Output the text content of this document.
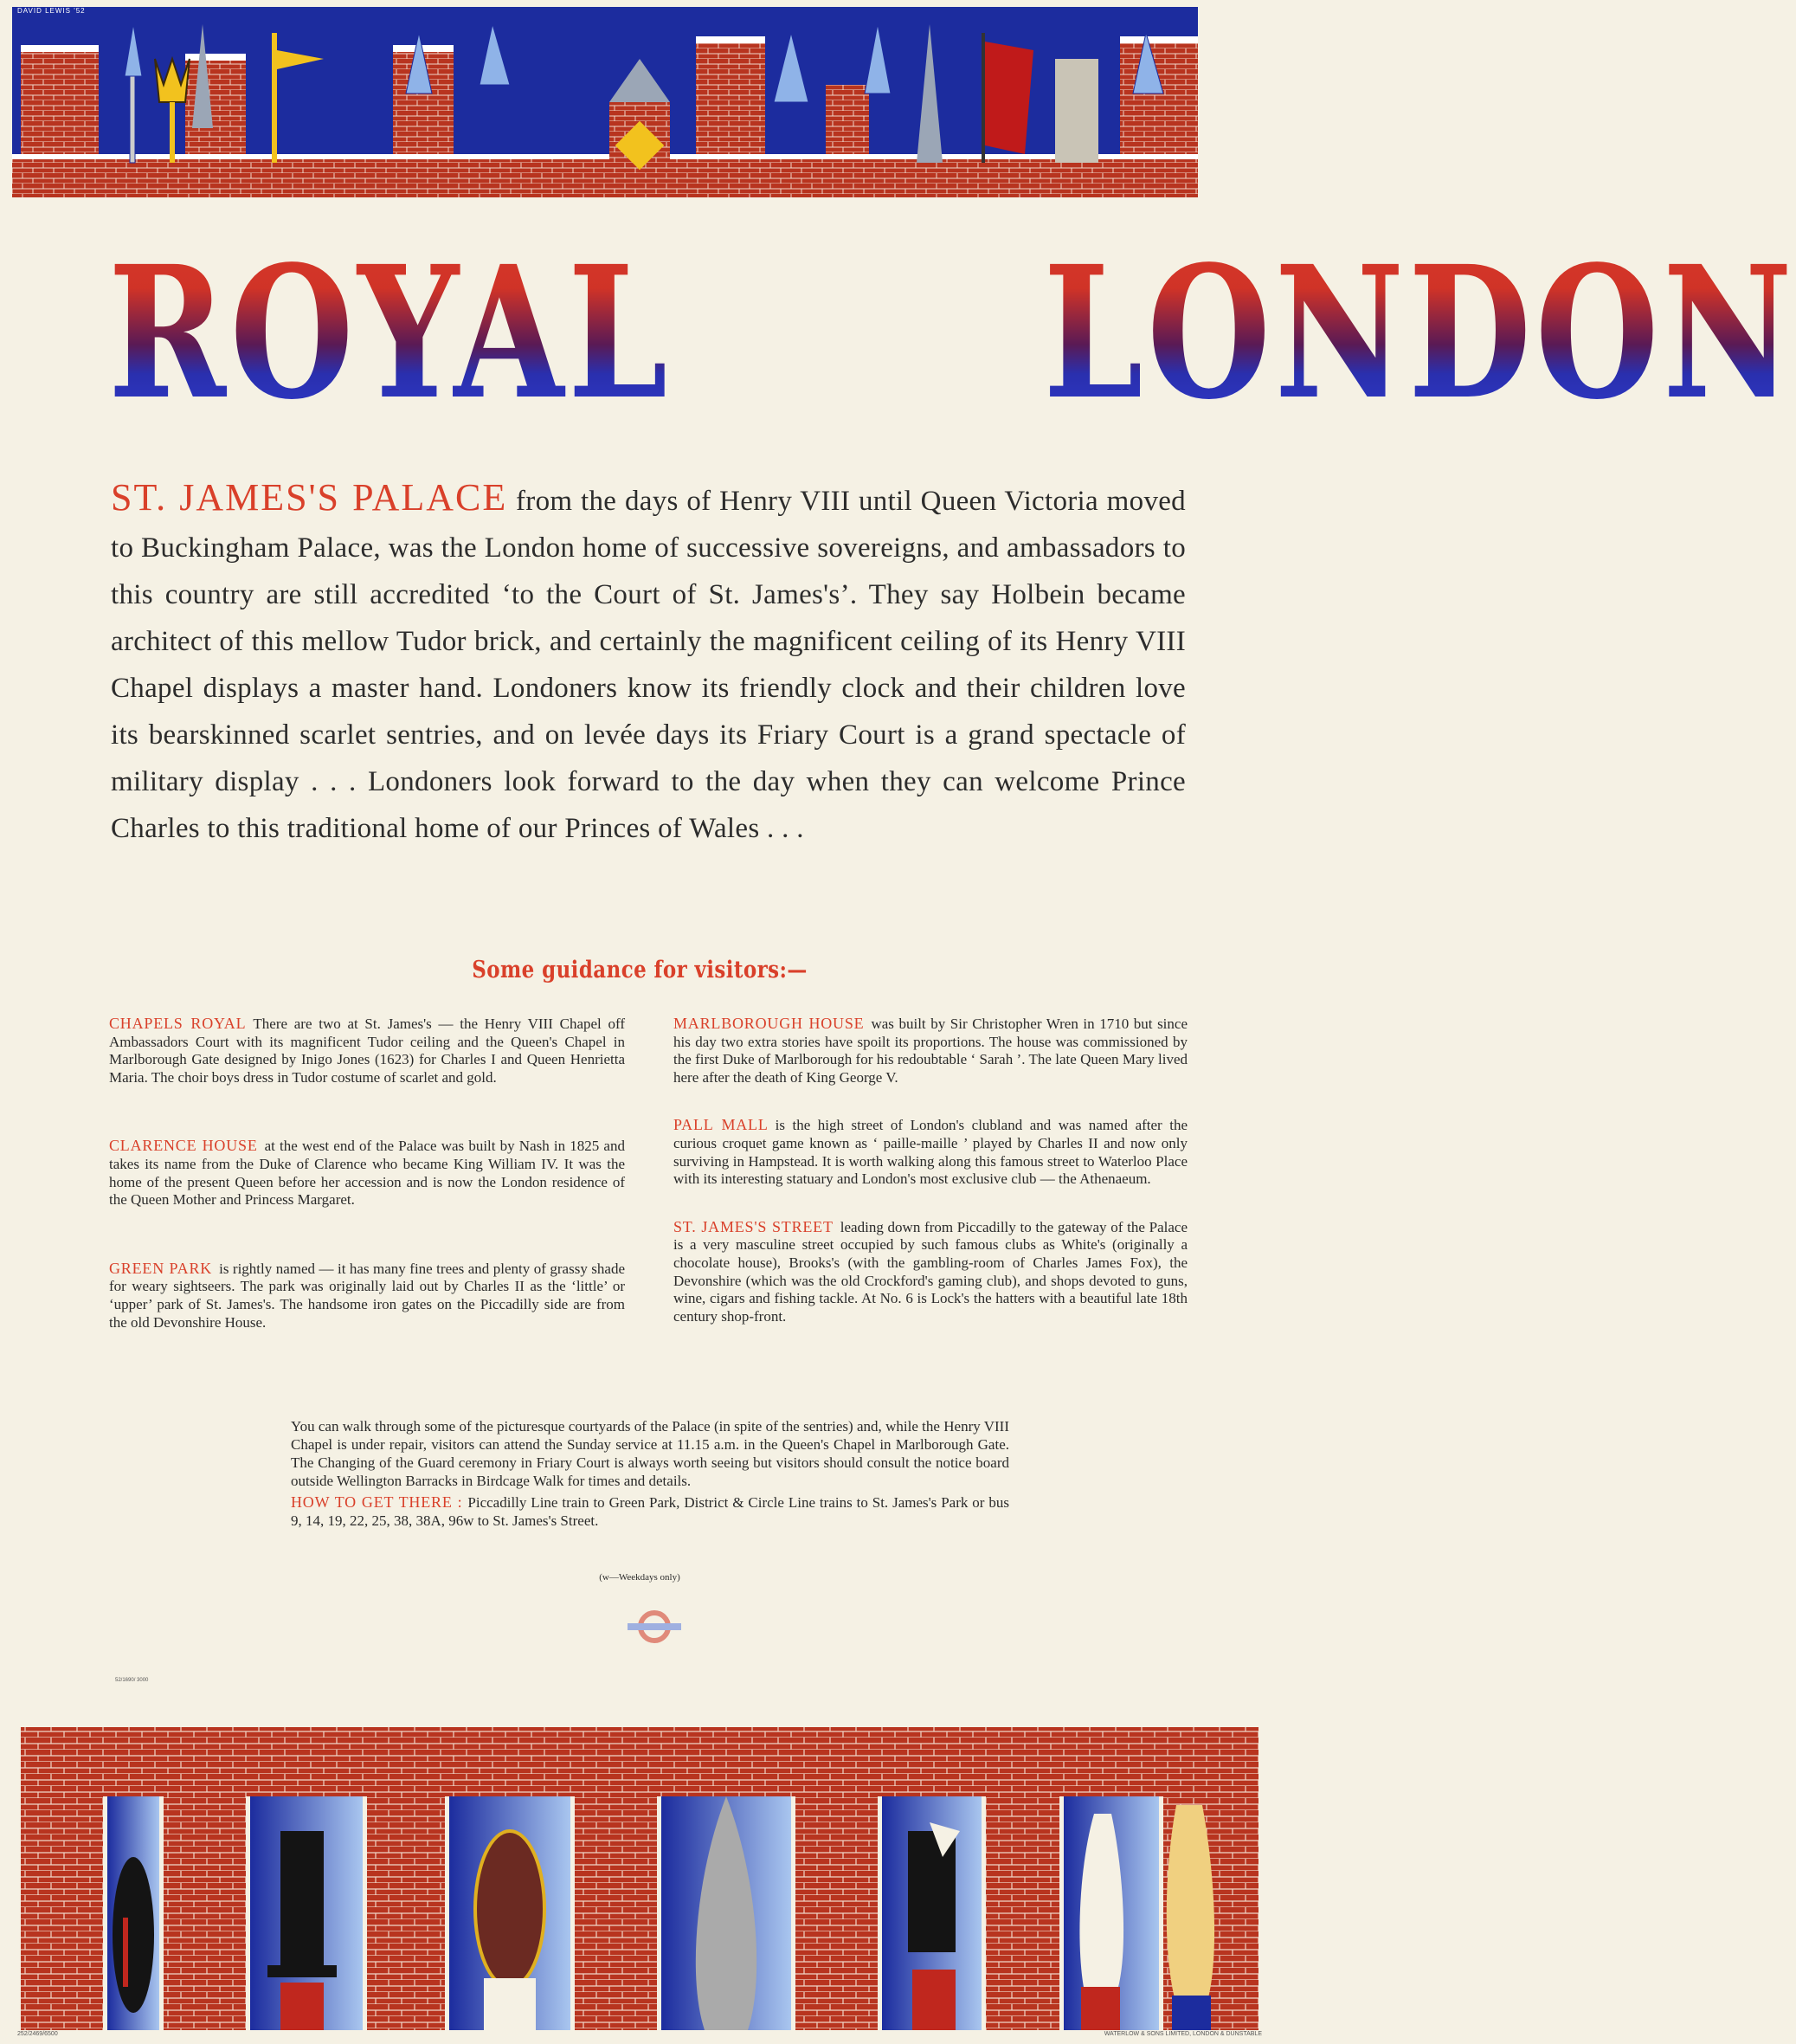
DAVID LEWIS '52
ROYAL LONDON
ST. JAMES'S PALACE from the days of Henry VIII until Queen Victoria moved to Buckingham Palace, was the London home of successive sovereigns, and ambassadors to this country are still accredited ‘to the Court of St. James's’. They say Holbein became architect of this mellow Tudor brick, and certainly the magnificent ceiling of its Henry VIII Chapel displays a master hand. Londoners know its friendly clock and their children love its bearskinned scarlet sentries, and on levée days its Friary Court is a grand spectacle of military display . . . Londoners look forward to the day when they can welcome Prince Charles to this traditional home of our Princes of Wales . . .
Some guidance for visitors:—
CHAPELS ROYAL There are two at St. James's — the Henry VIII Chapel off Ambassadors Court with its magnificent Tudor ceiling and the Queen's Chapel in Marlborough Gate designed by Inigo Jones (1623) for Charles I and Queen Henrietta Maria. The choir boys dress in Tudor costume of scarlet and gold.
CLARENCE HOUSE at the west end of the Palace was built by Nash in 1825 and takes its name from the Duke of Clarence who became King William IV. It was the home of the present Queen before her accession and is now the London residence of the Queen Mother and Princess Margaret.
GREEN PARK is rightly named — it has many fine trees and plenty of grassy shade for weary sightseers. The park was originally laid out by Charles II as the ‘little’ or ‘upper’ park of St. James's. The handsome iron gates on the Piccadilly side are from the old Devonshire House.
MARLBOROUGH HOUSE was built by Sir Christopher Wren in 1710 but since his day two extra stories have spoilt its proportions. The house was commissioned by the first Duke of Marlborough for his redoubtable ‘ Sarah ’. The late Queen Mary lived here after the death of King George V.
PALL MALL is the high street of London's clubland and was named after the curious croquet game known as ‘ paille-maille ’ played by Charles II and now only surviving in Hampstead. It is worth walking along this famous street to Waterloo Place with its interesting statuary and London's most exclusive club — the Athenaeum.
ST. JAMES'S STREET leading down from Piccadilly to the gateway of the Palace is a very masculine street occupied by such famous clubs as White's (originally a chocolate house), Brooks's (with the gambling-room of Charles James Fox), the Devonshire (which was the old Crockford's gaming club), and shops devoted to guns, wine, cigars and fishing tackle. At No. 6 is Lock's the hatters with a beautiful late 18th century shop-front.
You can walk through some of the picturesque courtyards of the Palace (in spite of the sentries) and, while the Henry VIII Chapel is under repair, visitors can attend the Sunday service at 11.15 a.m. in the Queen's Chapel in Marlborough Gate. The Changing of the Guard ceremony in Friary Court is always worth seeing but visitors should consult the notice board outside Wellington Barracks in Birdcage Walk for times and details.
HOW TO GET THERE : Piccadilly Line train to Green Park, District & Circle Line trains to St. James's Park or bus 9, 14, 19, 22, 25, 38, 38A, 96w to St. James's Street.
(w—Weekdays only)
52/1690/ 3000
252/2469/6500	WATERLOW & SONS LIMITED, LONDON & DUNSTABLE
